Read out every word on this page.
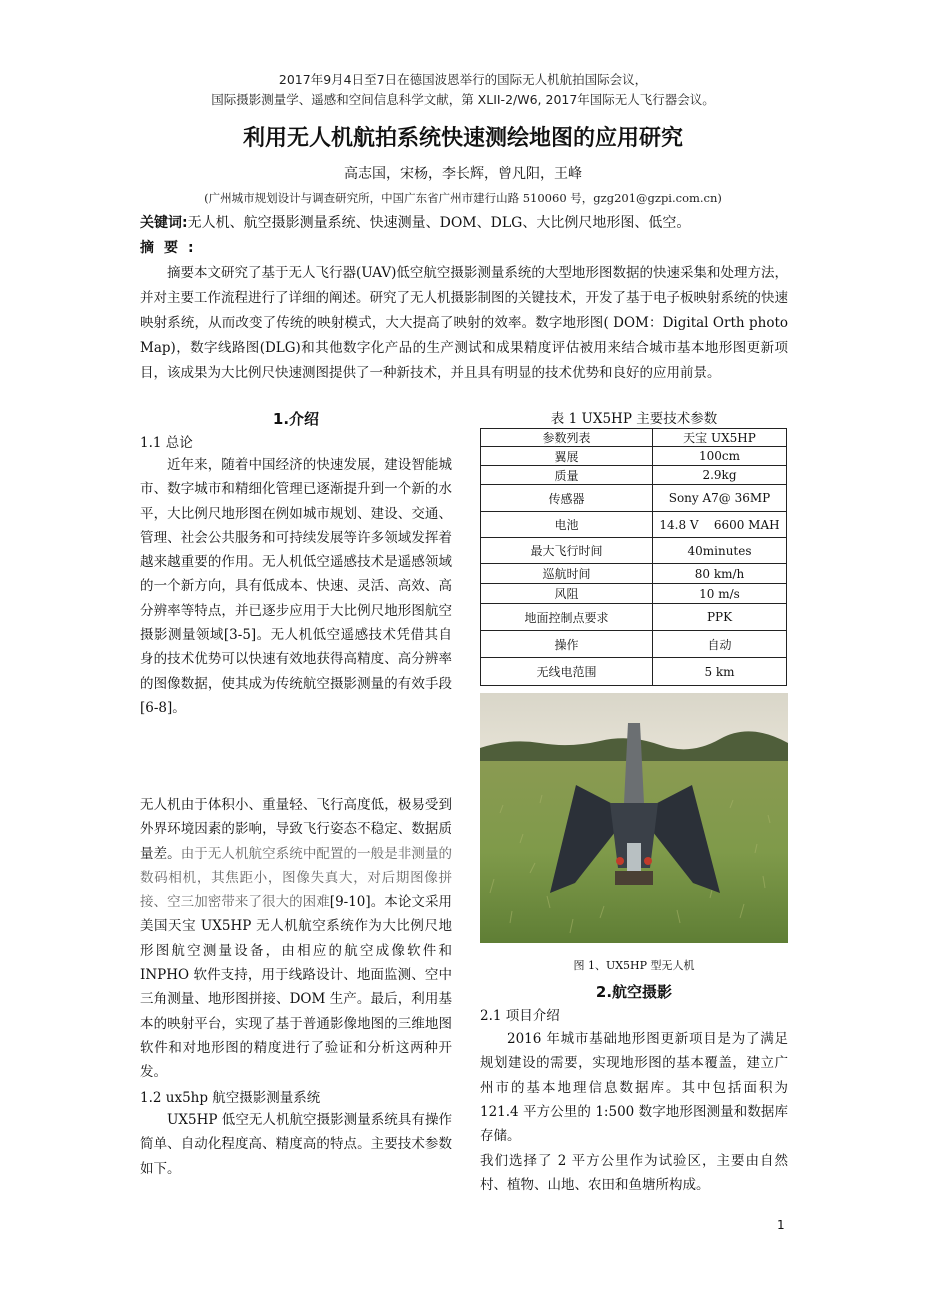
2017年9月4日至7日在德国波恩举行的国际无人机航拍国际会议，
国际摄影测量学、遥感和空间信息科学文献，第 XLII-2/W6, 2017年国际无人飞行器会议。
利用无人机航拍系统快速测绘地图的应用研究
高志国，宋杨，李长辉，曾凡阳，王峰
(广州城市规划设计与调查研究所，中国广东省广州市建行山路 510060 号，gzg201@gzpi.com.cn)
关键词:无人机、航空摄影测量系统、快速测量、DOM、DLG、大比例尺地形图、低空。
摘要:

摘要本文研究了基于无人飞行器(UAV)低空航空摄影测量系统的大型地形图数据的快速采集和处理方法，并对主要工作流程进行了详细的阐述。研究了无人机摄影制图的关键技术，开发了基于电子板映射系统的快速映射系统，从而改变了传统的映射模式，大大提高了映射的效率。数字地形图( DOM：Digital Orth photo Map)，数字线路图(DLG)和其他数字化产品的生产测试和成果精度评估被用来结合城市基本地形图更新项目，该成果为大比例尺快速测图提供了一种新技术，并且具有明显的技术优势和良好的应用前景。

1.介绍
1.1 总论

近年来，随着中国经济的快速发展，建设智能城市、数字城市和精细化管理已逐渐提升到一个新的水平，大比例尺地形图在例如城市规划、建设、交通、管理、社会公共服务和可持续发展等许多领域发挥着越来越重要的作用。无人机低空遥感技术是遥感领域的一个新方向，具有低成本、快速、灵活、高效、高分辨率等特点，并已逐步应用于大比例尺地形图航空摄影测量领域[3-5]。无人机低空遥感技术凭借其自身的技术优势可以快速有效地获得高精度、高分辨率的图像数据，使其成为传统航空摄影测量的有效手段[6-8]。

无人机由于体积小、重量轻、飞行高度低，极易受到外界环境因素的影响，导致飞行姿态不稳定、数据质量差。由于无人机航空系统中配置的一般是非测量的数码相机，其焦距小，图像失真大，对后期图像拼接、空三加密带来了很大的困难[9-10]。本论文采用美国天宝 UX5HP 无人机航空系统作为大比例尺地形图航空测量设备，由相应的航空成像软件和 INPHO 软件支持，用于线路设计、地面监测、空中三角测量、地形图拼接、DOM 生产。最后，利用基本的映射平台，实现了基于普通影像地图的三维地图软件和对地形图的精度进行了验证和分析这两种开发。

1.2 ux5hp 航空摄影测量系统

UX5HP 低空无人机航空摄影测量系统具有操作简单、自动化程度高、精度高的特点。主要技术参数如下。

表 1 UX5HP 主要技术参数
参数列表	天宝 UX5HP
翼展	100cm
质量	2.9kg
传感器	Sony A7@ 36MP
电池	14.8 V    6600 MAH
最大飞行时间	40minutes
巡航时间	80 km/h
风阻	10 m/s
地面控制点要求	PPK
操作	自动
无线电范围	5 km
图 1、UX5HP 型无人机
2.航空摄影
2.1 项目介绍

2016 年城市基础地形图更新项目是为了满足规划建设的需要，实现地形图的基本覆盖，建立广州市的基本地理信息数据库。其中包括面积为 121.4 平方公里的 1:500 数字地形图测量和数据库存储。

我们选择了 2 平方公里作为试验区，主要由自然村、植物、山地、农田和鱼塘所构成。

1
